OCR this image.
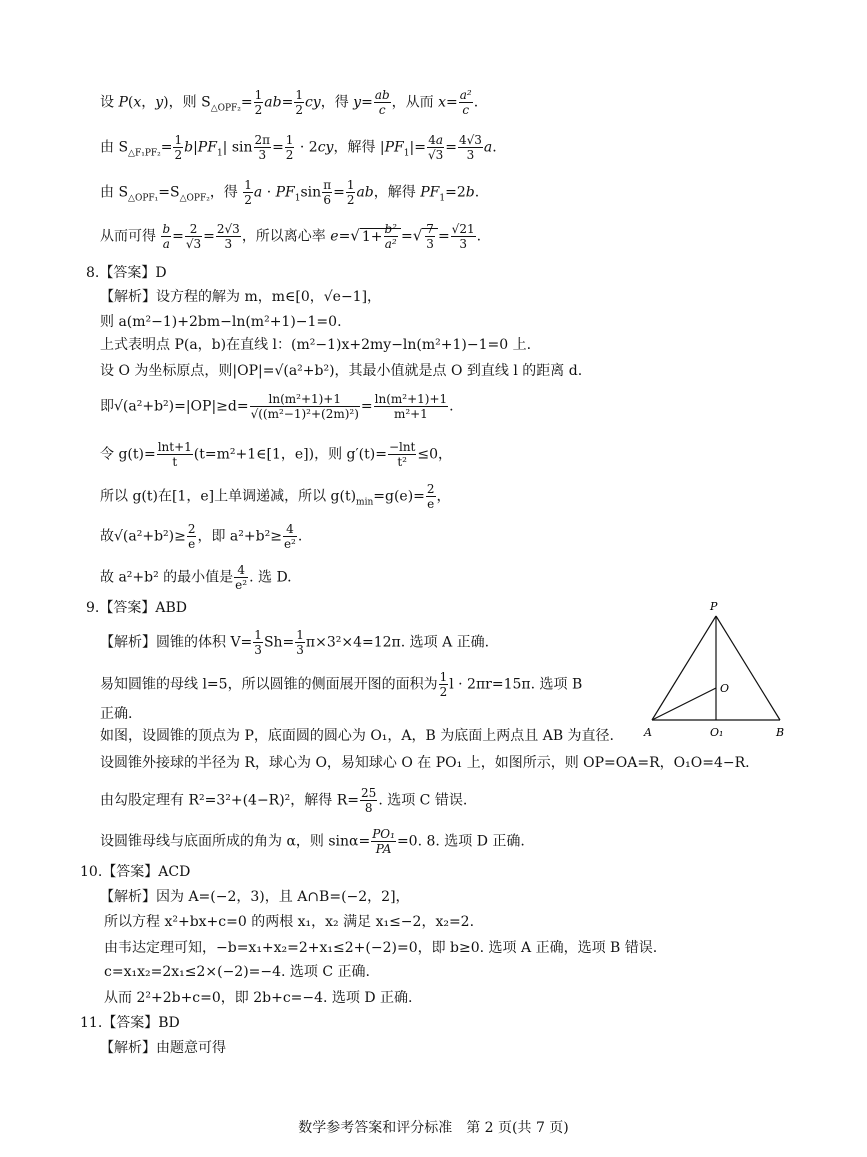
设 P(x，y)，则 $S_{\triangle OPF_2}= \frac{1}{2} ab= \frac{1}{2}$ cy，得 $y= \frac{ab}{c}$ ，从而 $x= \frac{\text{a²}}{c}$ .
由 $S_{\triangle F_1PF_2}= \frac{1}{2} b|PF_1|$ $\sin \frac{2\pi}{3} = \frac{1}{2} \cdot 2cy$，解得 $|PF_1|= \frac{4a}{√3} = \frac{4√3}{3} a$.
由 $S_{\triangle OPF_1}=S_{\triangle OPF_2}$，得 $\frac{1}{2}$ $a \cdot PF_1\sin \frac{\pi}{6} = \frac{1}{2}$ ab，解得 $PF_1=2b$.
从而可得 $\frac{b}{a} = \frac{2}{√3} = \frac{2√3}{3}$ ，所以离心率 e=√ $1+ \frac{\text{b²}}{\text{a²}}$ =√ $\frac{7}{3} = \frac{√21}{3}$ .
8.【答案】D
【解析】设方程的解为 m，m∈[0，√e−1]，
则 a(m²−1)+2bm−ln(m²+1)−1=0.
上式表明点 P(a，b)在直线 l：(m²−1)x+2my−ln(m²+1)−1=0 上.
设 O 为坐标原点，则|OP|=√(a²+b²)，其最小值就是点 O 到直线 l 的距离 d.
即$√(a^2+b^2)=|OP|\ge d= \frac{\text{ln(m²+1)+1}}{\text{√((m²−1)²+(2m)²)}} = \frac{\text{ln(m²+1)+1}}{\text{m²+1}}$ .
令 $g(t)= \frac{\ln t+1}{t}$ (t=m²+1∈[1，e])，则 $g'(t)= \frac{-\ln t}{\text{t²}} \le 0$，
所以 g(t)在[1，e]上单调递减，所以 $g(t)_{min}=g(e)= \frac{2}{e}$ ，
故$√(a^2+b^2)\ge \frac{2}{e}$ ，即 $a^2+b^2\ge \frac{4}{\text{e²}}$ .
故 a²+b² 的最小值是 $\frac{4}{\text{e²}}$ . 选 D.
9.【答案】ABD
【解析】圆锥的体积 $V= \frac{1}{3} Sh= \frac{1}{3} \pi\times 3^2\times 4=12\pi$. 选项 A 正确.
易知圆锥的母线 l=5，所以圆锥的侧面展开图的面积为 $\frac{1}{2}$ l · 2πr=15π. 选项 B
正确.
如图，设圆锥的顶点为 P，底面圆的圆心为 O₁，A，B 为底面上两点且 AB 为直径.
设圆锥外接球的半径为 R，球心为 O，易知球心 O 在 PO₁ 上，如图所示，则 OP=OA=R，O₁O=4−R.
由勾股定理有 R²=3²+(4−R)²，解得 $R= \frac{25}{8}$ . 选项 C 错误.
设圆锥母线与底面所成的角为 α，则 $\sin\alpha= \frac{\text{PO₁}}{PA} =0$. 8. 选项 D 正确.
P
O
A	O₁	B
10.【答案】ACD
【解析】因为 A=(−2，3)，且 A∩B=(−2，2]，
所以方程 x²+bx+c=0 的两根 x₁，x₂ 满足 x₁≤−2，x₂=2.
由韦达定理可知，−b=x₁+x₂=2+x₁≤2+(−2)=0，即 b≥0. 选项 A 正确，选项 B 错误.
c=x₁x₂=2x₁≤2×(−2)=−4. 选项 C 正确.
从而 2²+2b+c=0，即 2b+c=−4. 选项 D 正确.
11.【答案】BD
【解析】由题意可得
数学参考答案和评分标准　第 2 页(共 7 页)
